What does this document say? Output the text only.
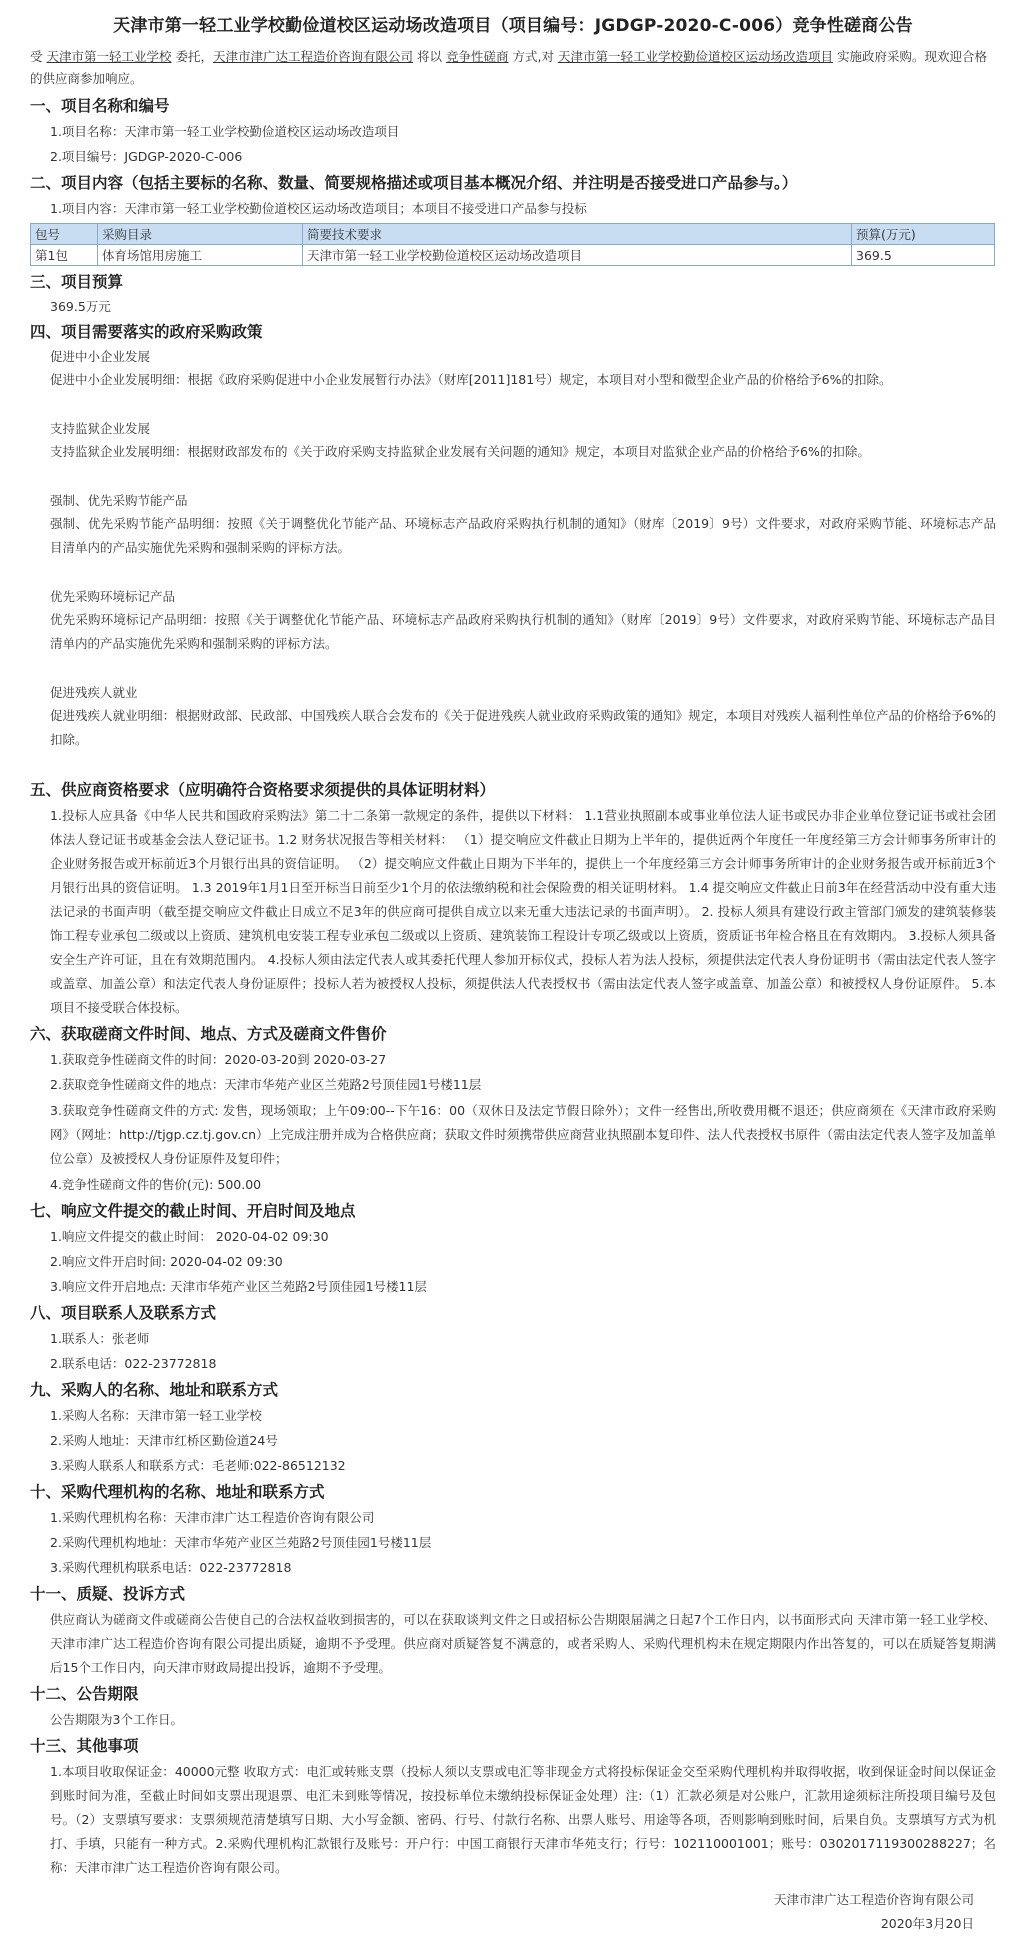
天津市第一轻工业学校勤俭道校区运动场改造项目（项目编号：JGDGP-2020-C-006）竞争性磋商公告
受 天津市第一轻工业学校 委托，天津市津广达工程造价咨询有限公司 将以 竞争性磋商 方式,对 天津市第一轻工业学校勤俭道校区运动场改造项目 实施政府采购。现欢迎合格的供应商参加响应。
一、项目名称和编号
1.项目名称：天津市第一轻工业学校勤俭道校区运动场改造项目
2.项目编号：JGDGP-2020-C-006
二、项目内容（包括主要标的名称、数量、简要规格描述或项目基本概况介绍、并注明是否接受进口产品参与。）
1.项目内容：天津市第一轻工业学校勤俭道校区运动场改造项目；本项目不接受进口产品参与投标
包号	采购目录	简要技术要求	预算(万元)
第1包	体育场馆用房施工	天津市第一轻工业学校勤俭道校区运动场改造项目	369.5
三、项目预算
369.5万元
四、项目需要落实的政府采购政策
促进中小企业发展
促进中小企业发展明细：根据《政府采购促进中小企业发展暂行办法》（财库[2011]181号）规定，本项目对小型和微型企业产品的价格给予6%的扣除。
支持监狱企业发展
支持监狱企业发展明细：根据财政部发布的《关于政府采购支持监狱企业发展有关问题的通知》规定，本项目对监狱企业产品的价格给予6%的扣除。
强制、优先采购节能产品
强制、优先采购节能产品明细：按照《关于调整优化节能产品、环境标志产品政府采购执行机制的通知》（财库〔2019〕9号）文件要求，对政府采购节能、环境标志产品目清单内的产品实施优先采购和强制采购的评标方法。
优先采购环境标记产品
优先采购环境标记产品明细：按照《关于调整优化节能产品、环境标志产品政府采购执行机制的通知》（财库〔2019〕9号）文件要求，对政府采购节能、环境标志产品目清单内的产品实施优先采购和强制采购的评标方法。
促进残疾人就业
促进残疾人就业明细：根据财政部、民政部、中国残疾人联合会发布的《关于促进残疾人就业政府采购政策的通知》规定，本项目对残疾人福利性单位产品的价格给予6%的扣除。
五、供应商资格要求（应明确符合资格要求须提供的具体证明材料）
1.投标人应具备《中华人民共和国政府采购法》第二十二条第一款规定的条件，提供以下材料： 1.1营业执照副本或事业单位法人证书或民办非企业单位登记证书或社会团体法人登记证书或基金会法人登记证书。1.2 财务状况报告等相关材料： （1）提交响应文件截止日期为上半年的，提供近两个年度任一年度经第三方会计师事务所审计的企业财务报告或开标前近3个月银行出具的资信证明。 （2）提交响应文件截止日期为下半年的，提供上一个年度经第三方会计师事务所审计的企业财务报告或开标前近3个月银行出具的资信证明。 1.3 2019年1月1日至开标当日前至少1个月的依法缴纳税和社会保险费的相关证明材料。 1.4 提交响应文件截止日前3年在经营活动中没有重大违法记录的书面声明（截至提交响应文件截止日成立不足3年的供应商可提供自成立以来无重大违法记录的书面声明）。 2. 投标人须具有建设行政主管部门颁发的建筑装修装饰工程专业承包二级或以上资质、建筑机电安装工程专业承包二级或以上资质、建筑装饰工程设计专项乙级或以上资质，资质证书年检合格且在有效期内。 3.投标人须具备安全生产许可证，且在有效期范围内。 4.投标人须由法定代表人或其委托代理人参加开标仪式，投标人若为法人投标，须提供法定代表人身份证明书（需由法定代表人签字或盖章、加盖公章）和法定代表人身份证原件；投标人若为被授权人投标，须提供法人代表授权书（需由法定代表人签字或盖章、加盖公章）和被授权人身份证原件。 5.本项目不接受联合体投标。
六、获取磋商文件时间、地点、方式及磋商文件售价
1.获取竞争性磋商文件的时间：2020-03-20到 2020-03-27
2.获取竞争性磋商文件的地点：天津市华苑产业区兰苑路2号顶佳园1号楼11层
3.获取竞争性磋商文件的方式: 发售，现场领取；上午09:00--下午16：00（双休日及法定节假日除外）；文件一经售出,所收费用概不退还；供应商须在《天津市政府采购网》（网址：http://tjgp.cz.tj.gov.cn）上完成注册并成为合格供应商；获取文件时须携带供应商营业执照副本复印件、法人代表授权书原件（需由法定代表人签字及加盖单位公章）及被授权人身份证原件及复印件；
4.竞争性磋商文件的售价(元): 500.00
七、响应文件提交的截止时间、开启时间及地点
1.响应文件提交的截止时间： 2020-04-02 09:30
2.响应文件开启时间: 2020-04-02 09:30
3.响应文件开启地点: 天津市华苑产业区兰苑路2号顶佳园1号楼11层
八、项目联系人及联系方式
1.联系人：张老师
2.联系电话：022-23772818
九、采购人的名称、地址和联系方式
1.采购人名称：天津市第一轻工业学校
2.采购人地址：天津市红桥区勤俭道24号
3.采购人联系人和联系方式：毛老师:022-86512132
十、采购代理机构的名称、地址和联系方式
1.采购代理机构名称：天津市津广达工程造价咨询有限公司
2.采购代理机构地址：天津市华苑产业区兰苑路2号顶佳园1号楼11层
3.采购代理机构联系电话：022-23772818
十一、质疑、投诉方式
供应商认为磋商文件或磋商公告使自己的合法权益收到损害的，可以在获取谈判文件之日或招标公告期限届满之日起7个工作日内，以书面形式向 天津市第一轻工业学校、天津市津广达工程造价咨询有限公司提出质疑，逾期不予受理。供应商对质疑答复不满意的，或者采购人、采购代理机构未在规定期限内作出答复的，可以在质疑答复期满后15个工作日内，向天津市财政局提出投诉，逾期不予受理。
十二、公告期限
公告期限为3个工作日。
十三、其他事项
1.本项目收取保证金：40000元整 收取方式：电汇或转账支票（投标人须以支票或电汇等非现金方式将投标保证金交至采购代理机构并取得收据，收到保证金时间以保证金到账时间为准，至截止时间如支票出现退票、电汇未到账等情况，按投标单位未缴纳投标保证金处理）注:（1）汇款必须是对公账户，汇款用途须标注所投项目编号及包号。（2）支票填写要求：支票须规范清楚填写日期、大小写金额、密码、行号、付款行名称、出票人账号、用途等各项，否则影响到账时间，后果自负。支票填写方式为机打、手填，只能有一种方式。2.采购代理机构汇款银行及账号：开户行：中国工商银行天津市华苑支行；行号：102110001001；账号：0302017119300288227；名称：天津市津广达工程造价咨询有限公司。
天津市津广达工程造价咨询有限公司
2020年3月20日
